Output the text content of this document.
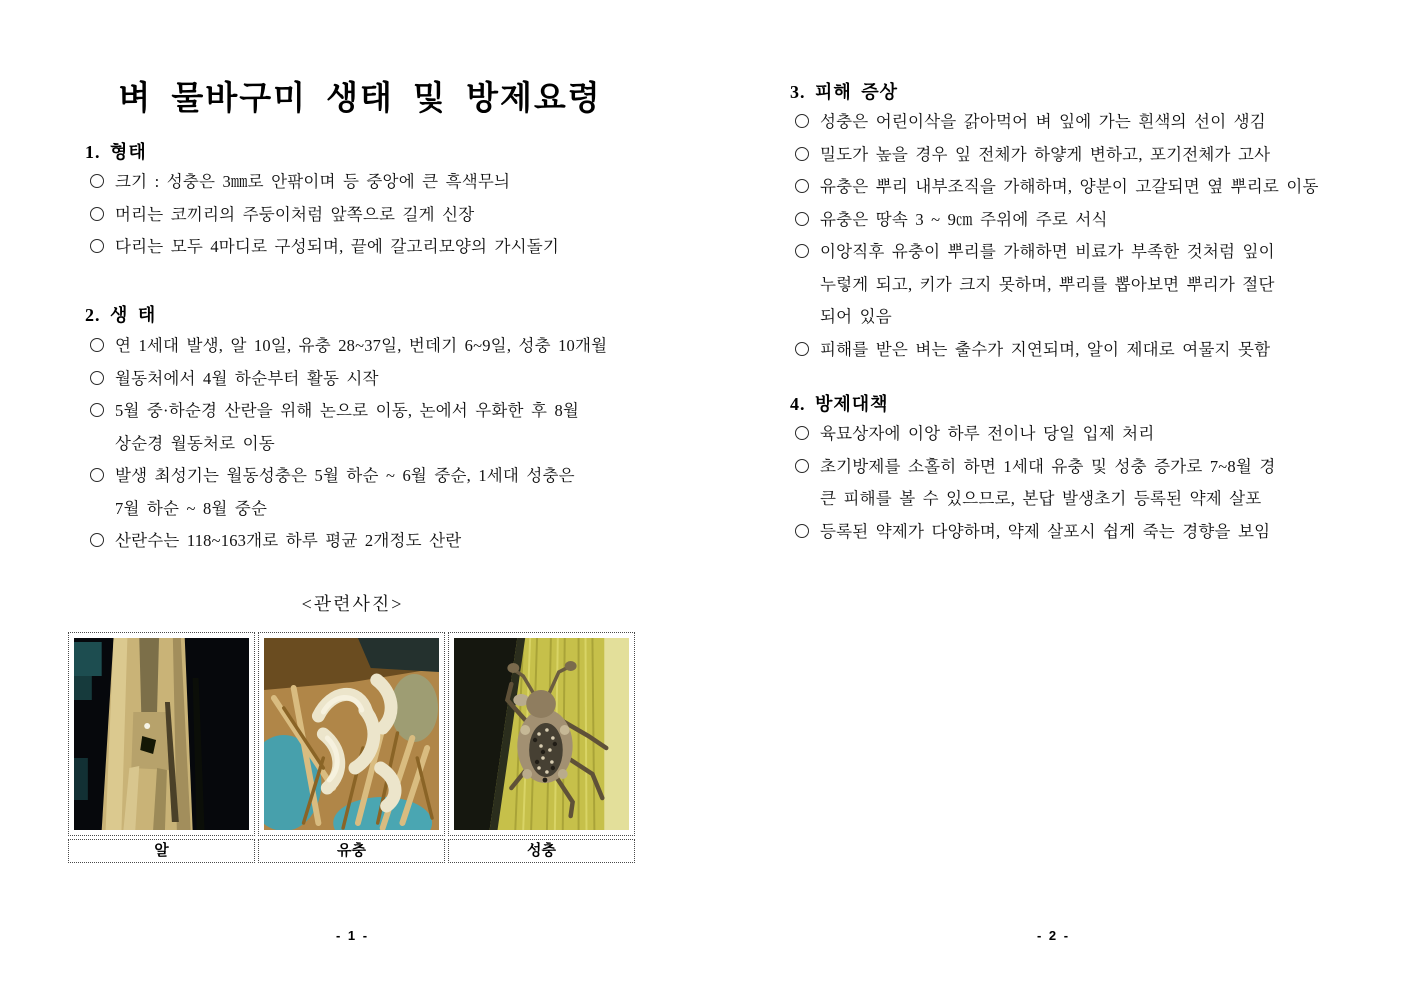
벼 물바구미 생태 및 방제요령
1. 형태
크기 : 성충은 3㎜로 안팎이며 등 중앙에 큰 흑색무늬
머리는 코끼리의 주둥이처럼 앞쪽으로 길게 신장
다리는 모두 4마디로 구성되며, 끝에 갈고리모양의 가시돌기
2. 생 태
연 1세대 발생, 알 10일, 유충 28~37일, 번데기 6~9일, 성충 10개월
월동처에서 4월 하순부터 활동 시작
5월 중·하순경 산란을 위해 논으로 이동, 논에서 우화한 후 8월
상순경 월동처로 이동
발생 최성기는 월동성충은 5월 하순 ~ 6월 중순, 1세대 성충은
7월 하순 ~ 8월 중순
산란수는 118~163개로 하루 평균 2개정도 산란
<관련사진>
알	유충	성충
- 1 -
3. 피해 증상
성충은 어린이삭을 갉아먹어 벼 잎에 가는 흰색의 선이 생김
밀도가 높을 경우 잎 전체가 하얗게 변하고, 포기전체가 고사
유충은 뿌리 내부조직을 가해하며, 양분이 고갈되면 옆 뿌리로 이동
유충은 땅속 3 ~ 9㎝ 주위에 주로 서식
이앙직후 유충이 뿌리를 가해하면 비료가 부족한 것처럼 잎이
누렇게 되고, 키가 크지 못하며, 뿌리를 뽑아보면 뿌리가 절단
되어 있음
피해를 받은 벼는 출수가 지연되며, 알이 제대로 여물지 못함
4. 방제대책
육묘상자에 이앙 하루 전이나 당일 입제 처리
초기방제를 소홀히 하면 1세대 유충 및 성충 증가로 7~8월 경
큰 피해를 볼 수 있으므로, 본답 발생초기 등록된 약제 살포
등록된 약제가 다양하며, 약제 살포시 쉽게 죽는 경향을 보임
- 2 -
